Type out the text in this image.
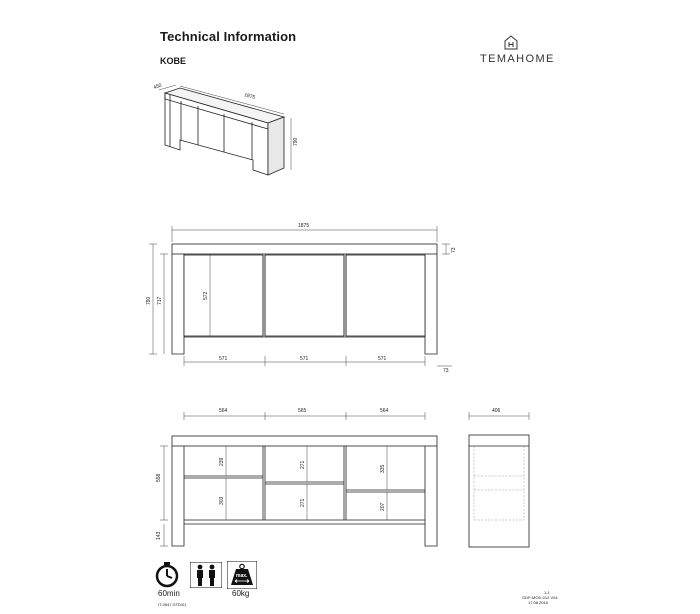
Technical Information
KOBE	TEMAHOME
1875
450
790
1875
790 717
572
73
571	571	571
73
564	565	564
558
143
239
303
271
271
335
207
406
60min
max.
60kg
IT-0647-STD/01
1-1
GDP-MOD-012 V04
17.08.2016
